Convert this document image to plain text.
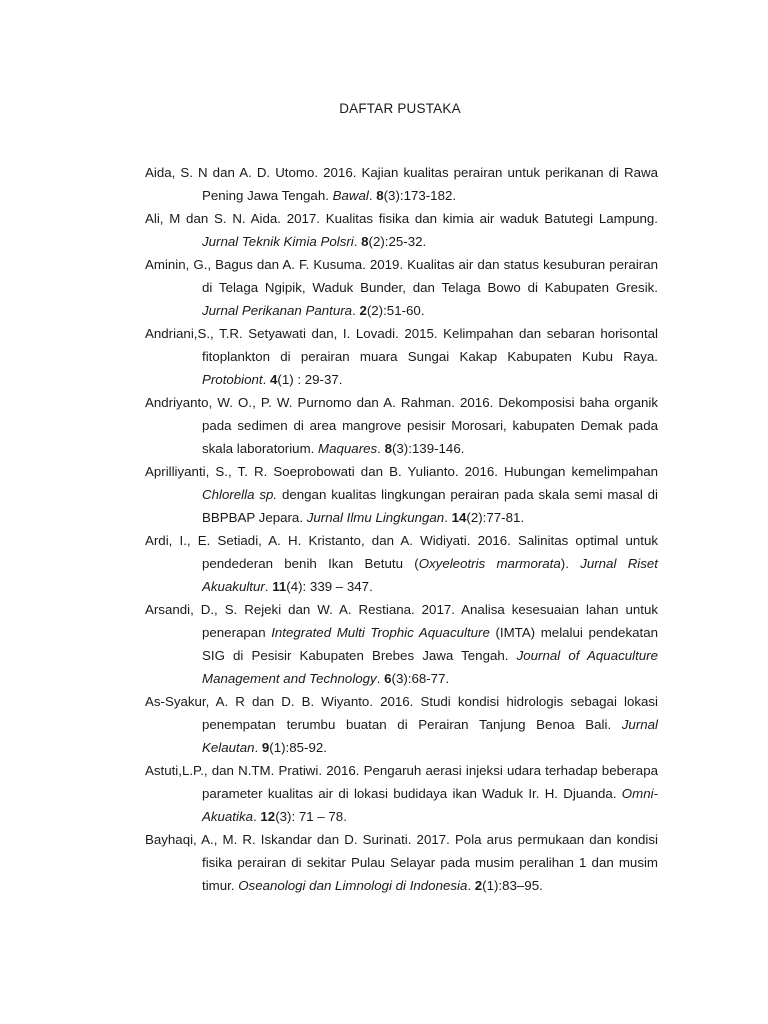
DAFTAR PUSTAKA
Aida, S. N dan A. D. Utomo. 2016. Kajian kualitas perairan untuk perikanan di Rawa Pening Jawa Tengah. Bawal. 8(3):173-182.
Ali, M dan S. N. Aida. 2017. Kualitas fisika dan kimia air waduk Batutegi Lampung. Jurnal Teknik Kimia Polsri. 8(2):25-32.
Aminin, G., Bagus dan A. F. Kusuma. 2019. Kualitas air dan status kesuburan perairan di Telaga Ngipik, Waduk Bunder, dan Telaga Bowo di Kabupaten Gresik. Jurnal Perikanan Pantura. 2(2):51-60.
Andriani,S., T.R. Setyawati dan, I. Lovadi. 2015. Kelimpahan dan sebaran horisontal fitoplankton di perairan muara Sungai Kakap Kabupaten Kubu Raya. Protobiont. 4(1) : 29-37.
Andriyanto, W. O., P. W. Purnomo dan A. Rahman. 2016. Dekomposisi baha organik pada sedimen di area mangrove pesisir Morosari, kabupaten Demak pada skala laboratorium. Maquares. 8(3):139-146.
Aprilliyanti, S., T. R. Soeprobowati dan B. Yulianto. 2016. Hubungan kemelimpahan Chlorella sp. dengan kualitas lingkungan perairan pada skala semi masal di BBPBAP Jepara. Jurnal Ilmu Lingkungan. 14(2):77-81.
Ardi, I., E. Setiadi, A. H. Kristanto, dan A. Widiyati. 2016. Salinitas optimal untuk pendederan benih Ikan Betutu (Oxyeleotris marmorata). Jurnal Riset Akuakultur. 11(4): 339 – 347.
Arsandi, D., S. Rejeki dan W. A. Restiana. 2017. Analisa kesesuaian lahan untuk penerapan Integrated Multi Trophic Aquaculture (IMTA) melalui pendekatan SIG di Pesisir Kabupaten Brebes Jawa Tengah. Journal of Aquaculture Management and Technology. 6(3):68-77.
As-Syakur, A. R dan D. B. Wiyanto. 2016. Studi kondisi hidrologis sebagai lokasi penempatan terumbu buatan di Perairan Tanjung Benoa Bali. Jurnal Kelautan. 9(1):85-92.
Astuti,L.P., dan N.TM. Pratiwi. 2016. Pengaruh aerasi injeksi udara terhadap beberapa parameter kualitas air di lokasi budidaya ikan Waduk Ir. H. Djuanda. Omni-Akuatika. 12(3): 71 – 78.
Bayhaqi, A., M. R. Iskandar dan D. Surinati. 2017. Pola arus permukaan dan kondisi fisika perairan di sekitar Pulau Selayar pada musim peralihan 1 dan musim timur. Oseanologi dan Limnologi di Indonesia. 2(1):83–95.
